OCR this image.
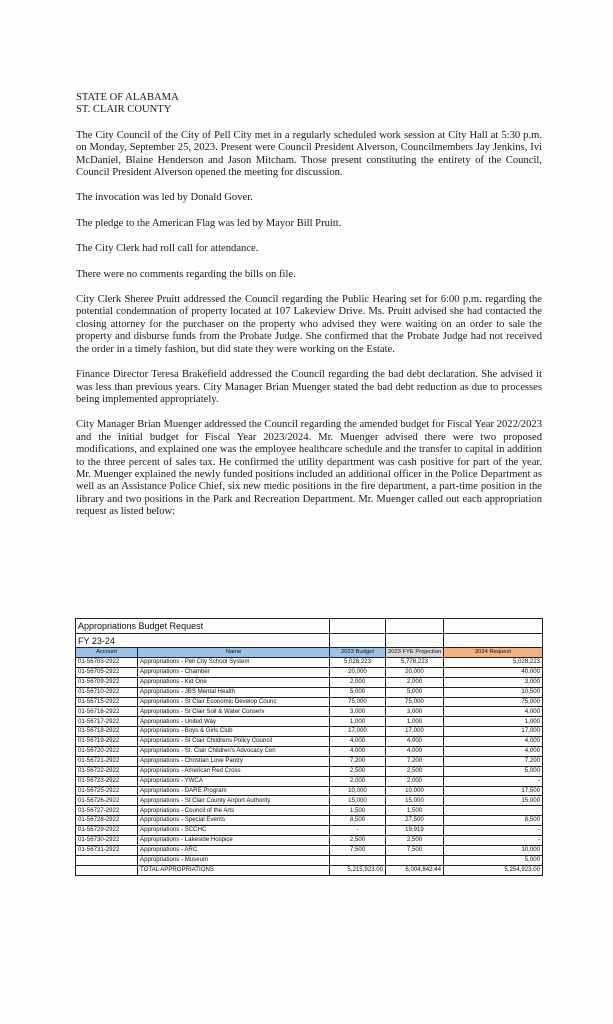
STATE OF ALABAMA
ST. CLAIR COUNTY

The City Council of the City of Pell City met in a regularly scheduled work session at City Hall at 5:30 p.m. on Monday, September 25, 2023. Present were Council President Alverson, Councilmembers Jay Jenkins, Ivi McDaniel, Blaine Henderson and Jason Mitcham. Those present constituting the entirety of the Council, Council President Alverson opened the meeting for discussion.

The invocation was led by Donald Gover.

The pledge to the American Flag was led by Mayor Bill Pruitt.

The City Clerk had roll call for attendance.

There were no comments regarding the bills on file.

City Clerk Sheree Pruitt addressed the Council regarding the Public Hearing set for 6:00 p.m. regarding the potential condemnation of property located at 107 Lakeview Drive. Ms. Pruitt advised she had contacted the closing attorney for the purchaser on the property who advised they were waiting on an order to sale the property and disburse funds from the Probate Judge. She confirmed that the Probate Judge had not received the order in a timely fashion, but did state they were working on the Estate.

Finance Director Teresa Brakefield addressed the Council regarding the bad debt declaration. She advised it was less than previous years. City Manager Brian Muenger stated the bad debt reduction as due to processes being implemented appropriately.

City Manager Brian Muenger addressed the Council regarding the amended budget for Fiscal Year 2022/2023 and the initial budget for Fiscal Year 2023/2024. Mr. Muenger advised there were two proposed modifications, and explained one was the employee healthcare schedule and the transfer to capital in addition to the three percent of sales tax. He confirmed the utility department was cash positive for part of the year. Mr. Muenger explained the newly funded positions included an additional officer in the Police Department as well as an Assistance Police Chief, six new medic positions in the fire department, a part-time position in the library and two positions in the Park and Recreation Department. Mr. Muenger called out each appropriation request as listed below:

Appropriations Budget Request				
FY 23-24				
Account	Name	2023 Budget	2023 FYE Projection	2024 Request
01-56703-2922	Appropriations - Pell City School System	5,028,223	5,778,223	5,028,223
01-56705-2922	Appropriations - Chamber	20,000	20,000	40,000
01-56709-2922	Appropriations - Kid One	2,000	2,000	3,000
01-56710-2922	Appropriations - JBS Mental Health	5,000	5,000	10,500
01-56715-2922	Appropriations - St Clair Economic Develop Counc	75,000	75,000	75,000
01-56716-2922	Appropriations - St Clair Soil & Water Conserv	3,000	3,000	4,000
01-56717-2922	Appropriations - United Way	1,000	1,000	1,000
01-56718-2922	Appropriations - Boys & Girls Club	17,000	17,000	17,000
01-56719-2922	Appropriations - St Clair Childrens Policy Council	4,000	4,000	4,000
01-56720-2922	Appropriations - St. Clair Children's Advocacy Cen	4,000	4,000	4,000
01-56721-2922	Appropriations - Christian Love Pantry	7,200	7,200	7,200
01-56722-2922	Appropriations - American Red Cross	2,500	2,500	5,000
01-56723-2922	Appropriations - YWCA	2,000	2,000	-
01-56725-2922	Appropriations - DARE Program	10,000	10,000	17,500
01-56726-2922	Appropriations - St Clair County Airport Authority	15,000	15,000	15,000
01-56727-2922	Appropriations - Council of the Arts	1,500	1,500	
01-56728-2922	Appropriations - Special Events	8,500	27,500	8,500
01-56729-2922	Appropriations - SCCHC	-	19,919	-
01-56730-2922	Appropriations - Lakeside Hospice	2,500	2,500	-
01-56731-2922	Appropriations - ARC	7,500	7,500	10,000
	Appropriations - Museum			5,000
	TOTAL APPROPRIATIONS	5,215,923.00	6,004,842.44	5,254,923.00
